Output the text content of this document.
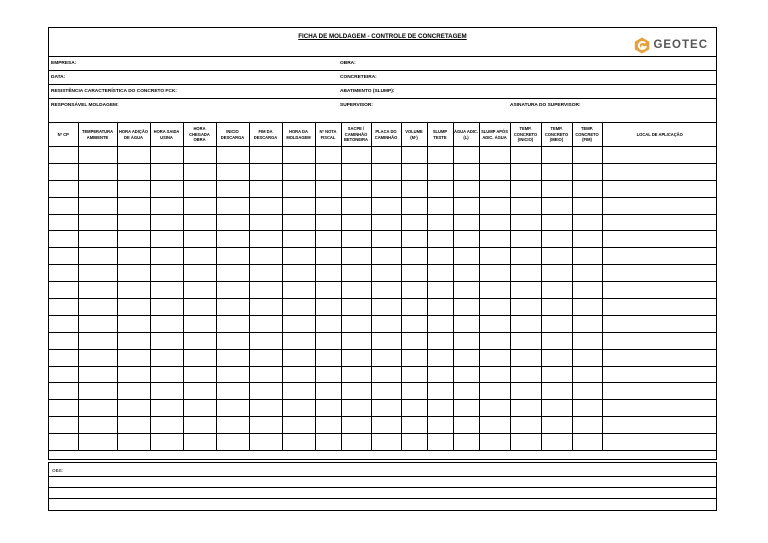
FICHA DE MOLDAGEM - CONTROLE DE CONCRETAGEM
GEOTEC
EMPRESA:	OBRA:
DATA:	CONCRETEIRA:
RESISTÊNCIA CARACTERÍSTICA DO CONCRETO FCK:	ABATIMENTO (SLUMP):
RESPONSÁVEL MOLDAGEM:	SUPERVISOR:	ASINATURA DO SUPERVISOR:
Nº CP	TEMPERATURA AMBIENTE	HORA ADIÇÃO DE ÁGUA	HORA SAIDA USINA	HORA CHEGADA OBRA	INICIO DESCARGA	FIM DA DESCARGA	HORA DA MOLDAGEM	Nº NOTA FISCAL	SACPE / CAMINHÃO BETONEIRA	PLACA DO CAMINHÃO	VOLUME (M³)	SLUMP TESTE	ÁGUA ADIC. (L)	SLUMP APÓS ADIC. ÁGUA	TEMP. CONCRETO (INICIO)	TEMP. CONCRETO (MEIO)	TEMP. CONCRETO (FIM)	LOCAL DE APLICAÇÃO

OBS:
